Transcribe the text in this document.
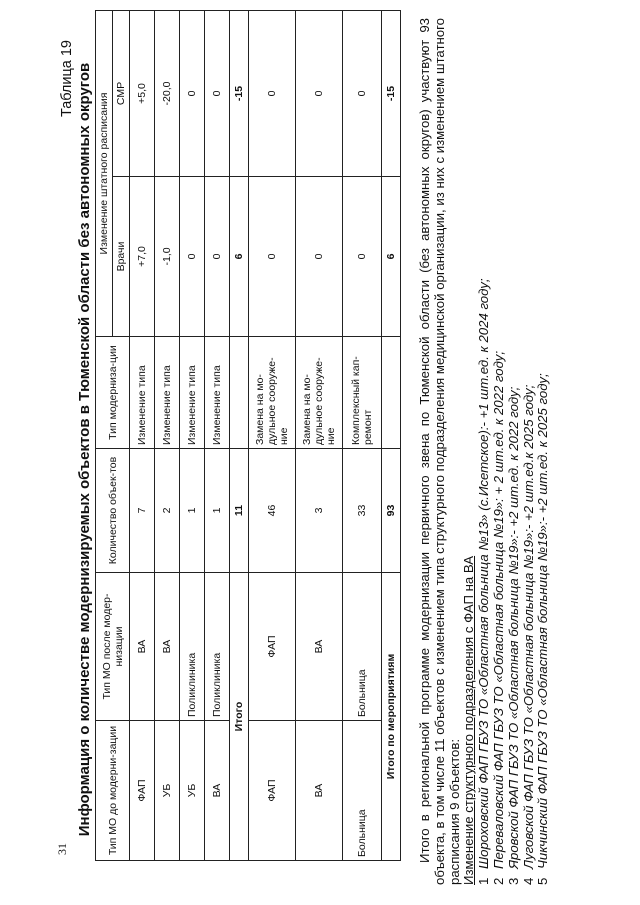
31
Таблица 19 Информация о количестве модернизируемых объектов в Тюменской области без автономных округов Тип МО до модерни-зации	Тип МО после модер-низации	Количество объек-тов	Тип модерниза-ции	Изменение штатного расписания	
				Врачи	СМР
ФАП	ВА	7	Изменение типа	+7,0	+5,0
УБ	ВА	2	Изменение типа	-1,0	-20,0
УБ	Поликлиника	1	Изменение типа	0	0
ВА	Поликлиника	1	Изменение типа	0	0
Итого		11		6	-15
ФАП	ФАП	46	Замена на мо-дульное сооруже-ние	0	0
ВА	ВА	3	Замена на мо-дульное сооруже-ние	0	0
Больница	Больница	33	Комплексный кап-ремонт	0	0
Итого по мероприятиям		93		6	-15 Итого в региональной программе модернизации первичного звена по Тюменской области (без автономных округов) участвуют 93 объекта, в том числе 11 объектов с изменением типа структурного подразделения медицинской организации, из них с изменением штатного расписания 9 объектов: Изменение структурного подразделения с ФАП на ВА 1Шороховский ФАП ГБУЗ ТО «Областная больница №13» (с.Исетское):- +1 шт.ед. к 2024 году;
2Переваловский ФАП ГБУЗ ТО «Областная больница №19»: + 2 шт.ед. к 2022 году;
3Яровской ФАП ГБУЗ ТО «Областная больница №19»:- +2 шт.ед. к 2022 году;
4Луговской ФАП ГБУЗ ТО «Областная больница №19»:- +2 шт.ед.к 2025 году;
5Чикчинский ФАП ГБУЗ ТО «Областная больница №19»:- +2 шт.ед. к 2025 году;
